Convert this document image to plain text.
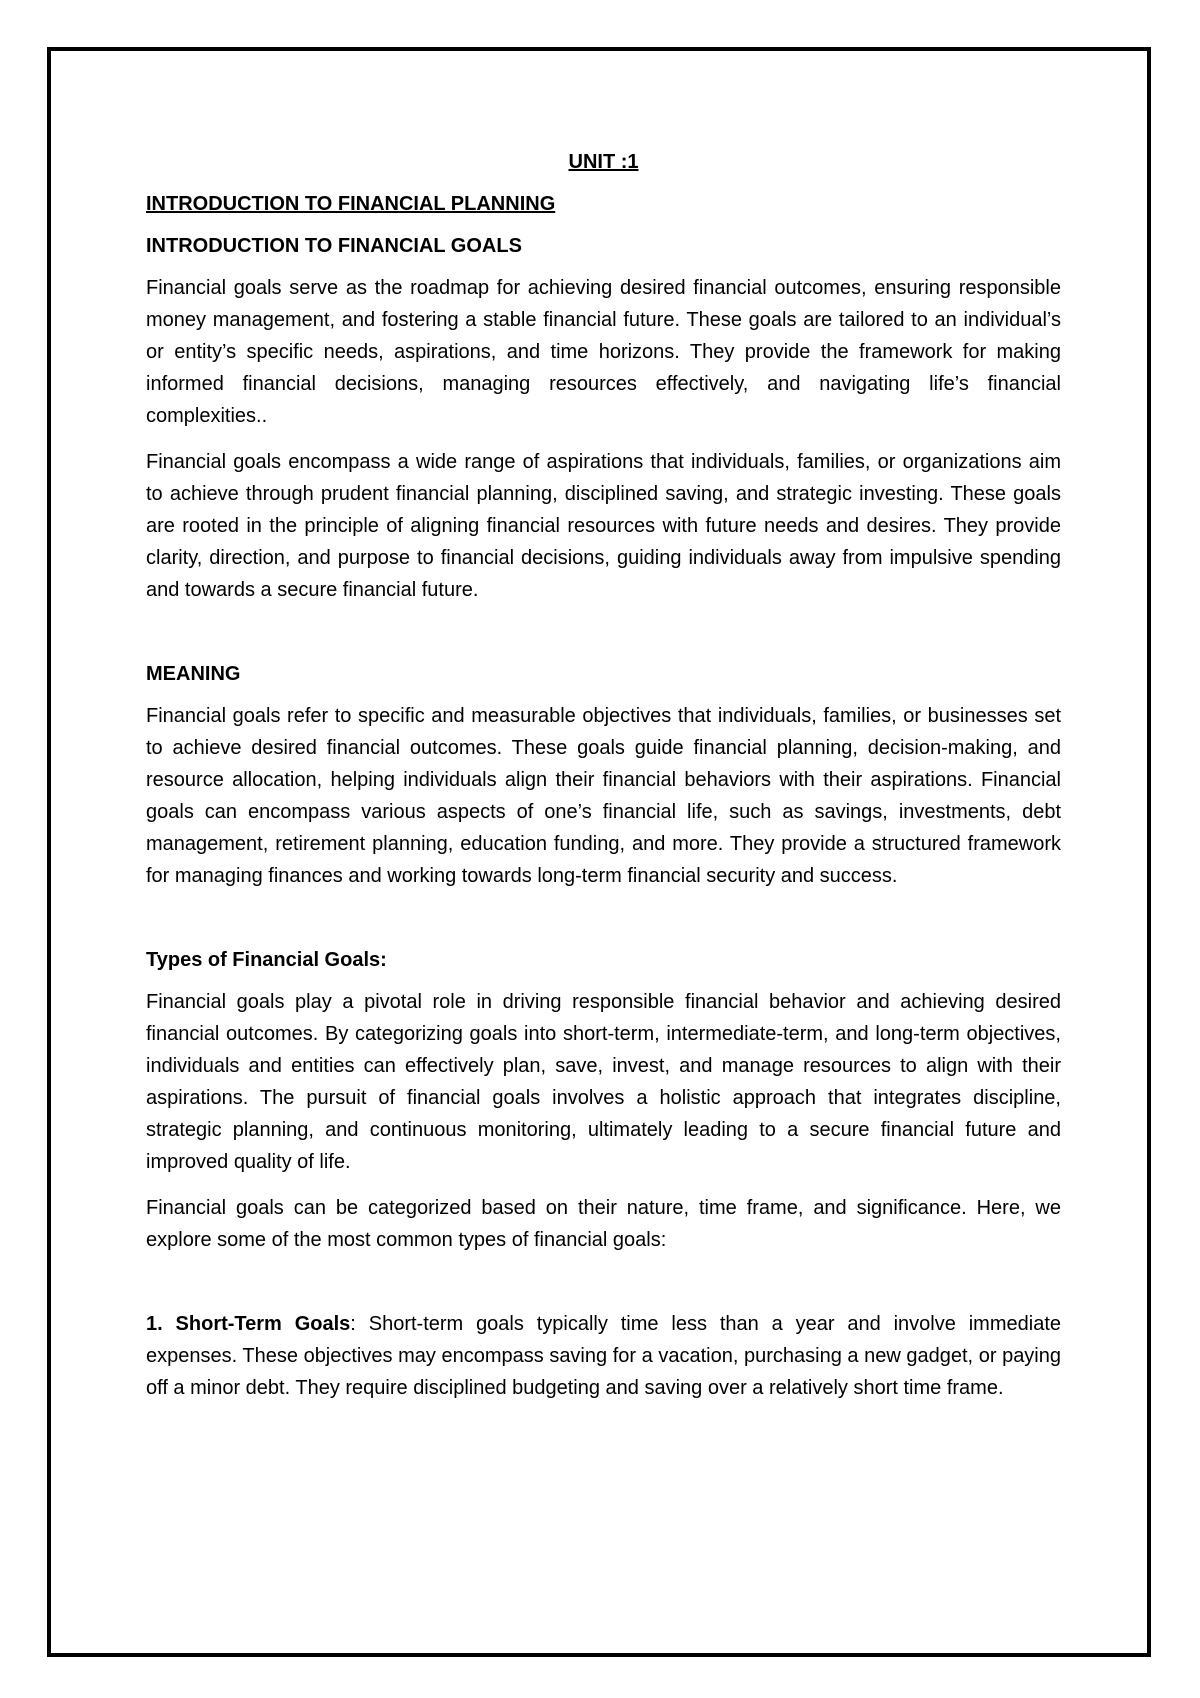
UNIT :1
INTRODUCTION TO FINANCIAL PLANNING
INTRODUCTION TO FINANCIAL GOALS

Financial goals serve as the roadmap for achieving desired financial outcomes, ensuring responsible money management, and fostering a stable financial future. These goals are tailored to an individual’s or entity’s specific needs, aspirations, and time horizons. They provide the framework for making informed financial decisions, managing resources effectively, and navigating life’s financial complexities..

Financial goals encompass a wide range of aspirations that individuals, families, or organizations aim to achieve through prudent financial planning, disciplined saving, and strategic investing. These goals are rooted in the principle of aligning financial resources with future needs and desires. They provide clarity, direction, and purpose to financial decisions, guiding individuals away from impulsive spending and towards a secure financial future.

MEANING

Financial goals refer to specific and measurable objectives that individuals, families, or businesses set to achieve desired financial outcomes. These goals guide financial planning, decision-making, and resource allocation, helping individuals align their financial behaviors with their aspirations. Financial goals can encompass various aspects of one’s financial life, such as savings, investments, debt management, retirement planning, education funding, and more. They provide a structured framework for managing finances and working towards long-term financial security and success.

Types of Financial Goals:

Financial goals play a pivotal role in driving responsible financial behavior and achieving desired financial outcomes. By categorizing goals into short-term, intermediate-term, and long-term objectives, individuals and entities can effectively plan, save, invest, and manage resources to align with their aspirations. The pursuit of financial goals involves a holistic approach that integrates discipline, strategic planning, and continuous monitoring, ultimately leading to a secure financial future and improved quality of life.

Financial goals can be categorized based on their nature, time frame, and significance. Here, we explore some of the most common types of financial goals:

1. Short-Term Goals: Short-term goals typically time less than a year and involve immediate expenses. These objectives may encompass saving for a vacation, purchasing a new gadget, or paying off a minor debt. They require disciplined budgeting and saving over a relatively short time frame.
